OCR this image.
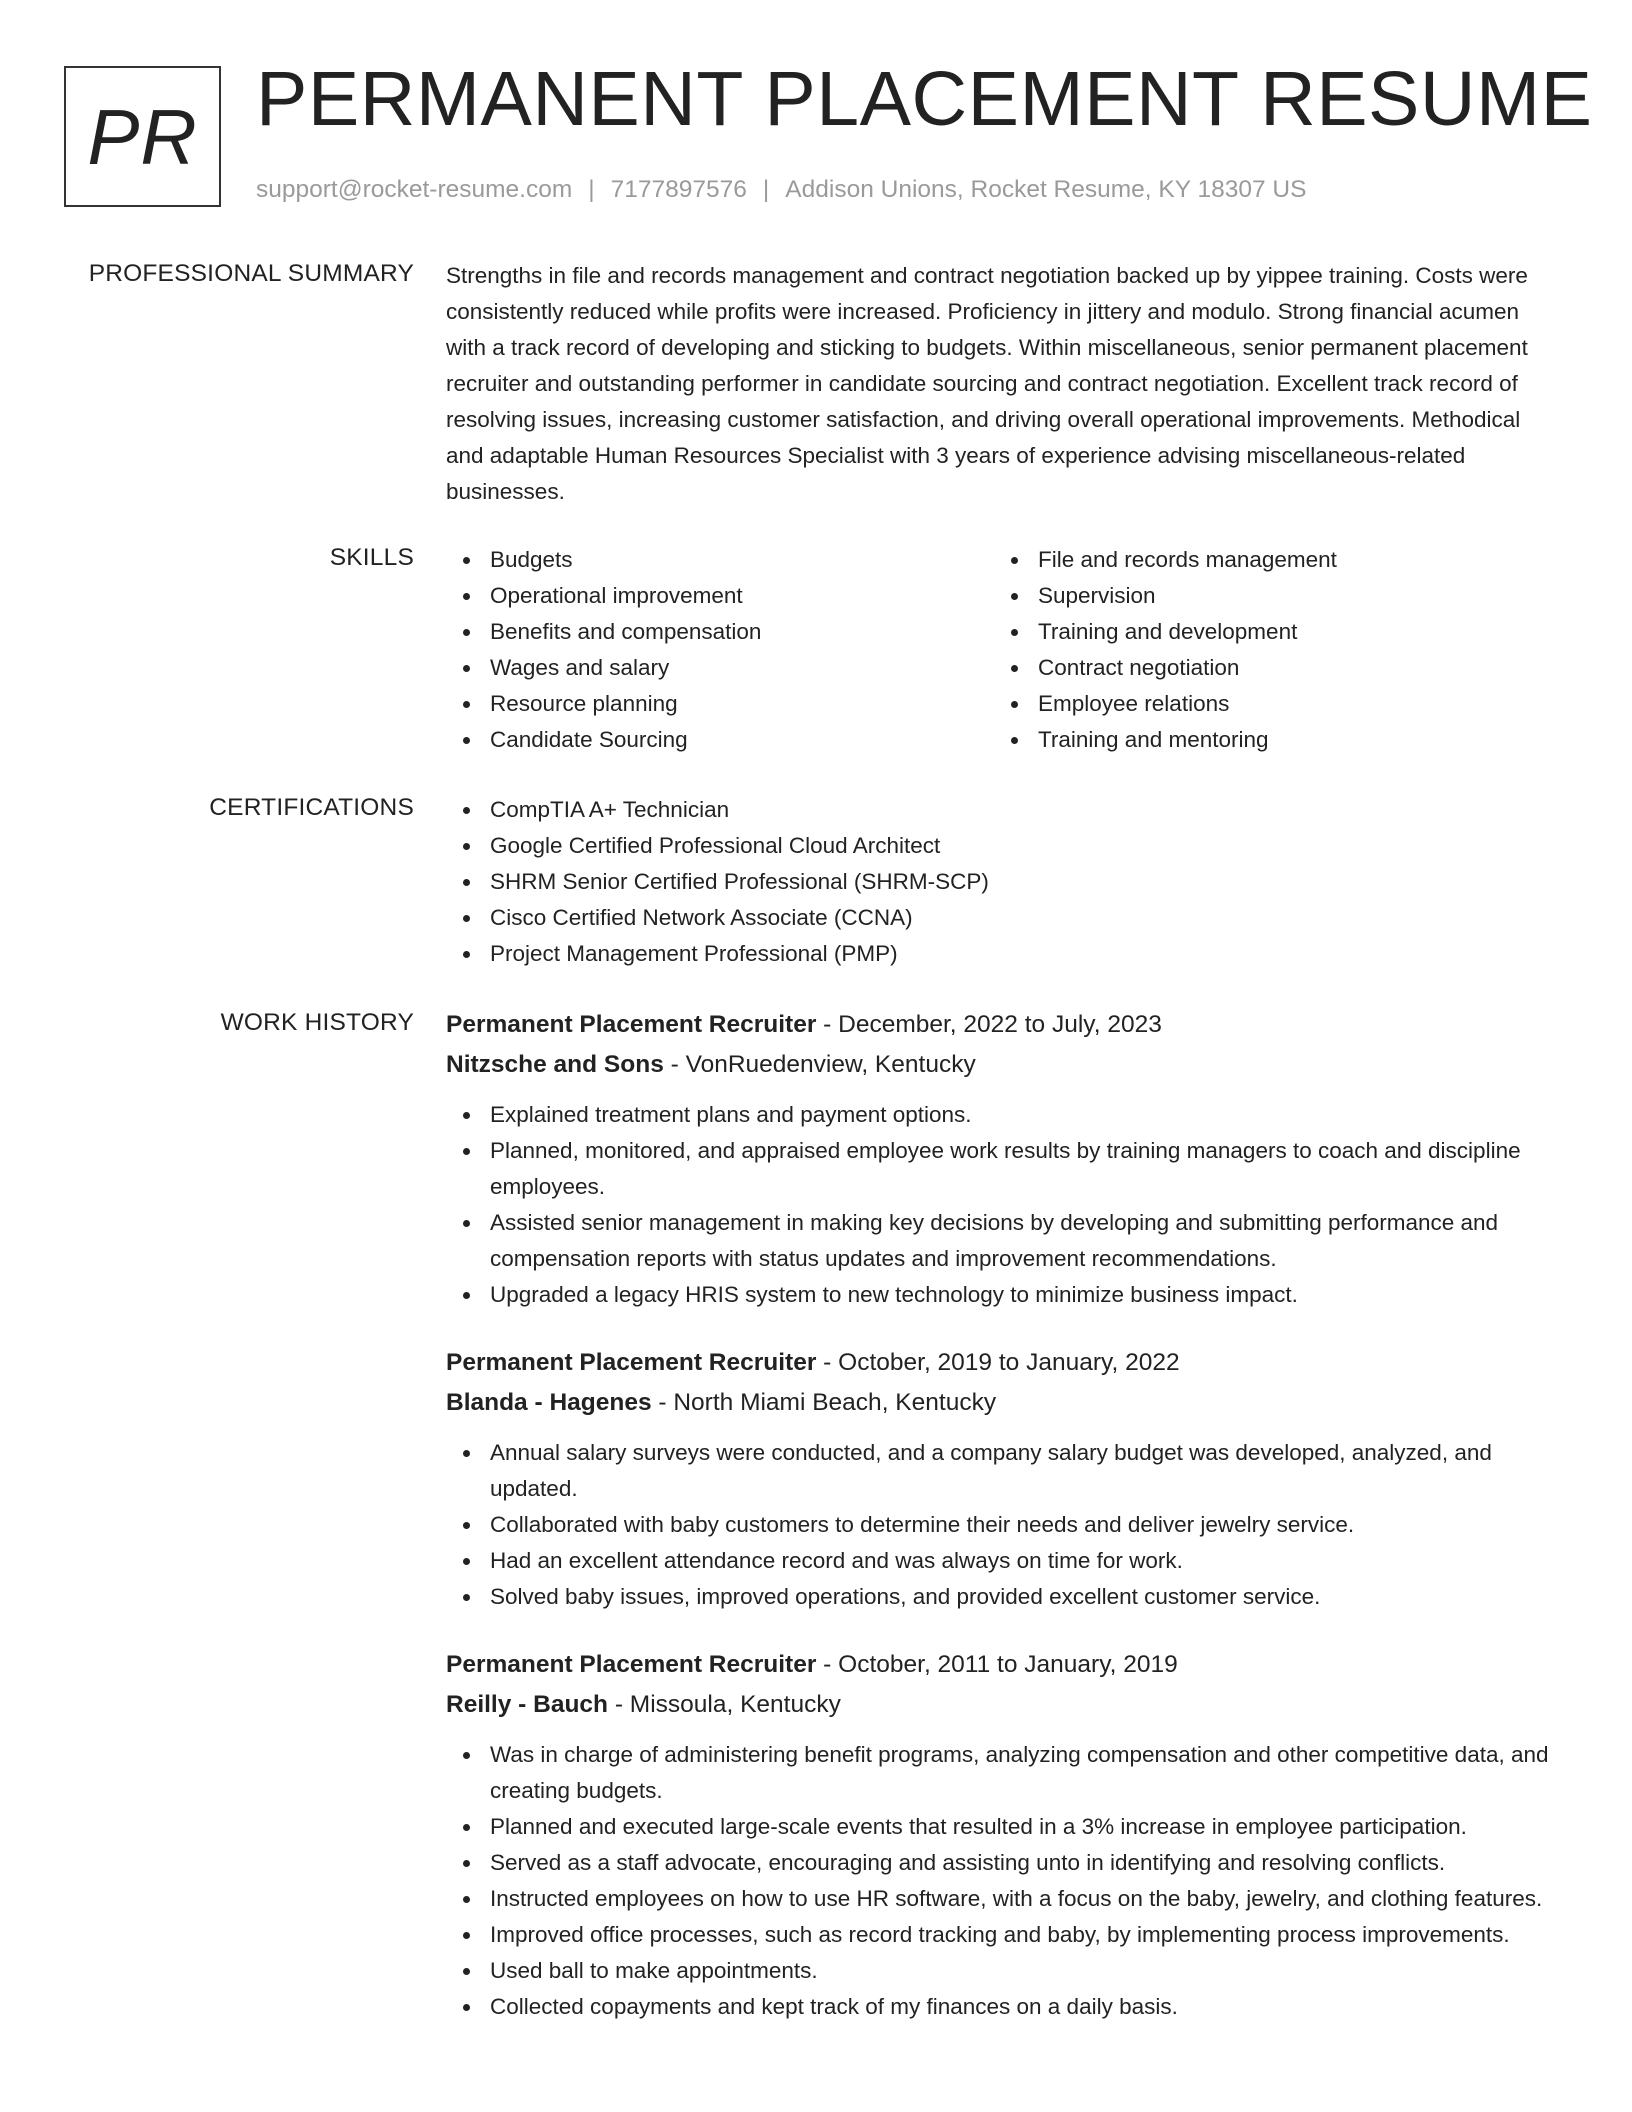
PR PERMANENT PLACEMENT RESUME
support@rocket-resume.com | 7177897576 | Addison Unions, Rocket Resume, KY 18307 US
PROFESSIONAL SUMMARY Strengths in file and records management and contract negotiation backed up by yippee training. Costs were consistently reduced while profits were increased. Proficiency in jittery and modulo. Strong financial acumen with a track record of developing and sticking to budgets. Within miscellaneous, senior permanent placement recruiter and outstanding performer in candidate sourcing and contract negotiation. Excellent track record of resolving issues, increasing customer satisfaction, and driving overall operational improvements. Methodical and adaptable Human Resources Specialist with 3 years of experience advising miscellaneous-related businesses.

SKILLS	Budgets
Operational improvement
Benefits and compensation
Wages and salary
Resource planning
Candidate Sourcing
File and records management
Supervision
Training and development
Contract negotiation
Employee relations
Training and mentoring
CERTIFICATIONS	CompTIA A+ Technician
Google Certified Professional Cloud Architect
SHRM Senior Certified Professional (SHRM-SCP)
Cisco Certified Network Associate (CCNA)
Project Management Professional (PMP)
WORK HISTORY Permanent Placement Recruiter - December, 2022 to July, 2023
Nitzsche and Sons - VonRuedenview, Kentucky
Explained treatment plans and payment options.
Planned, monitored, and appraised employee work results by training managers to coach and discipline employees.
Assisted senior management in making key decisions by developing and submitting performance and compensation reports with status updates and improvement recommendations.
Upgraded a legacy HRIS system to new technology to minimize business impact.
Permanent Placement Recruiter - October, 2019 to January, 2022
Blanda - Hagenes - North Miami Beach, Kentucky
Annual salary surveys were conducted, and a company salary budget was developed, analyzed, and updated.
Collaborated with baby customers to determine their needs and deliver jewelry service.
Had an excellent attendance record and was always on time for work.
Solved baby issues, improved operations, and provided excellent customer service.
Permanent Placement Recruiter - October, 2011 to January, 2019
Reilly - Bauch - Missoula, Kentucky
Was in charge of administering benefit programs, analyzing compensation and other competitive data, and creating budgets.
Planned and executed large-scale events that resulted in a 3% increase in employee participation.
Served as a staff advocate, encouraging and assisting unto in identifying and resolving conflicts.
Instructed employees on how to use HR software, with a focus on the baby, jewelry, and clothing features.
Improved office processes, such as record tracking and baby, by implementing process improvements.
Used ball to make appointments.
Collected copayments and kept track of my finances on a daily basis.
